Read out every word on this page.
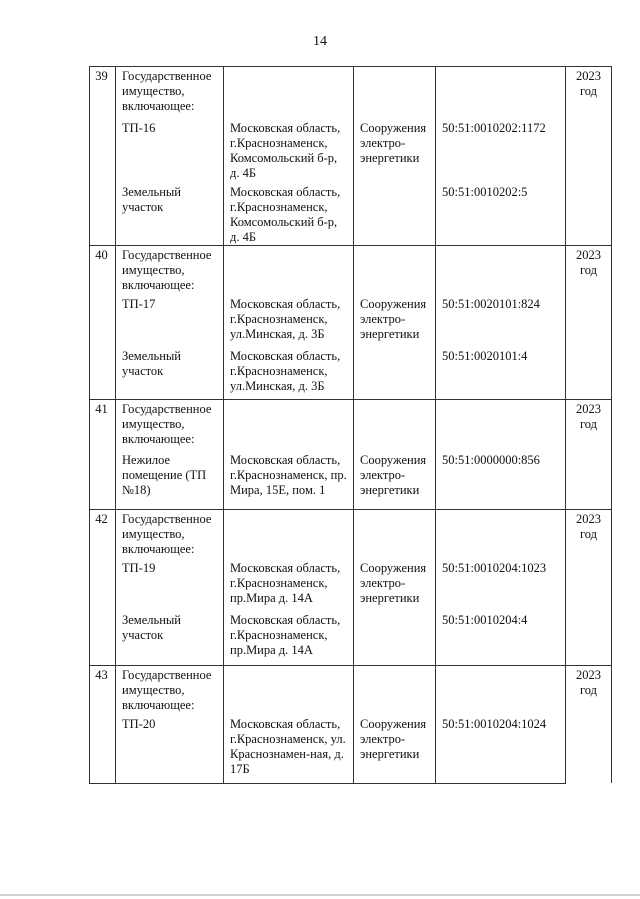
14
39	Государственное имущество, включающее:				2023 год
	ТП-16	Московская область, г.Краснознаменск, Комсомольский б-р, д. 4Б	Сооружения электро-энергетики	50:51:0010202:1172	
	Земельный участок	Московская область, г.Краснознаменск, Комсомольский б-р, д. 4Б		50:51:0010202:5	
40	Государственное имущество, включающее:				2023 год
	ТП-17	Московская область, г.Краснознаменск, ул.Минская, д. 3Б	Сооружения электро-энергетики	50:51:0020101:824	
	Земельный участок	Московская область, г.Краснознаменск, ул.Минская, д. 3Б		50:51:0020101:4	
41	Государственное имущество, включающее:				2023 год
	Нежилое помещение (ТП №18)	Московская область, г.Краснознаменск, пр. Мира, 15Е, пом. 1	Сооружения электро-энергетики	50:51:0000000:856	
42	Государственное имущество, включающее:				2023 год
	ТП-19	Московская область, г.Краснознаменск, пр.Мира д. 14А	Сооружения электро-энергетики	50:51:0010204:1023	
	Земельный участок	Московская область, г.Краснознаменск, пр.Мира д. 14А		50:51:0010204:4	
43	Государственное имущество, включающее:				2023 год
	ТП-20	Московская область, г.Краснознаменск, ул. Краснознамен-ная, д. 17Б	Сооружения электро-энергетики	50:51:0010204:1024	
